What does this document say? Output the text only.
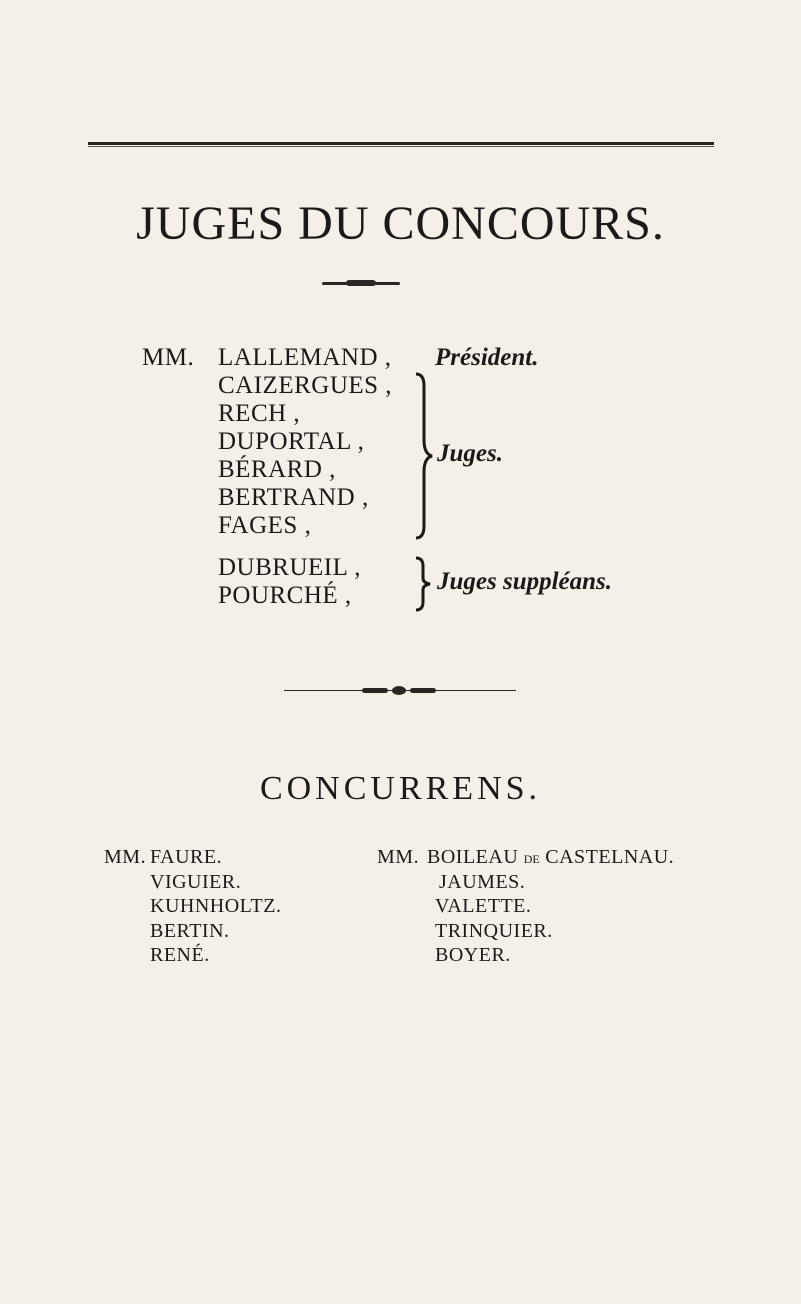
JUGES DU CONCOURS.
MM. LALLEMAND , Président.
CAIZERGUES ,
RECH ,
DUPORTAL ,
BÉRARD ,
BERTRAND ,
FAGES ,
Juges.
DUBRUEIL ,
POURCHÉ ,
Juges suppléans.
CONCURRENS.
MM. FAURE.
VIGUIER.
KUHNHOLTZ.
BERTIN.
RENÉ.
MM. BOILEAU DE CASTELNAU.
JAUMES.
VALETTE.
TRINQUIER.
BOYER.
